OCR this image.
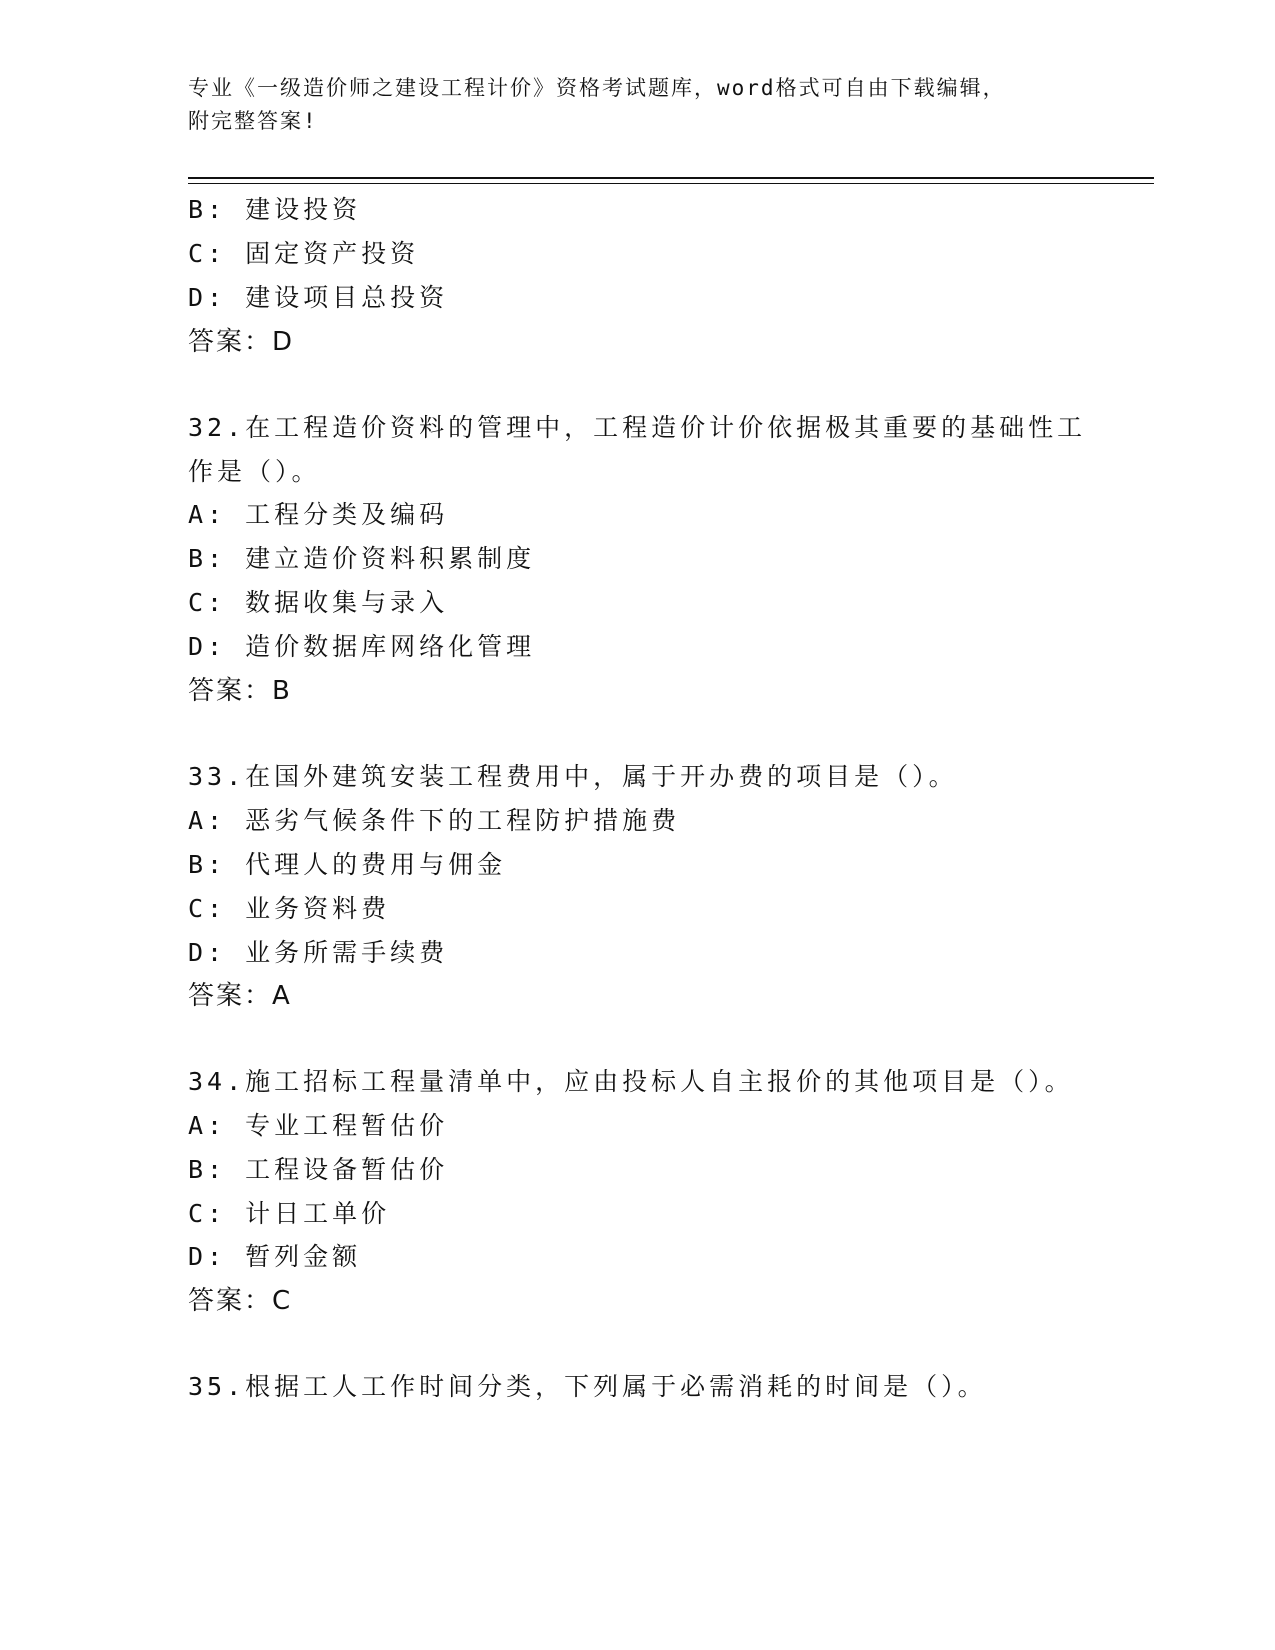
专业《一级造价师之建设工程计价》资格考试题库，word格式可自由下载编辑，
附完整答案!
B: 建设投资
C: 固定资产投资
D: 建设项目总投资
答案：D
32.在工程造价资料的管理中，工程造价计价依据极其重要的基础性工
作是（）。
A: 工程分类及编码
B: 建立造价资料积累制度
C: 数据收集与录入
D: 造价数据库网络化管理
答案：B
33.在国外建筑安装工程费用中，属于开办费的项目是（）。
A: 恶劣气候条件下的工程防护措施费
B: 代理人的费用与佣金
C: 业务资料费
D: 业务所需手续费
答案：A
34.施工招标工程量清单中，应由投标人自主报价的其他项目是（）。
A: 专业工程暂估价
B: 工程设备暂估价
C: 计日工单价
D: 暂列金额
答案：C
35.根据工人工作时间分类，下列属于必需消耗的时间是（）。
